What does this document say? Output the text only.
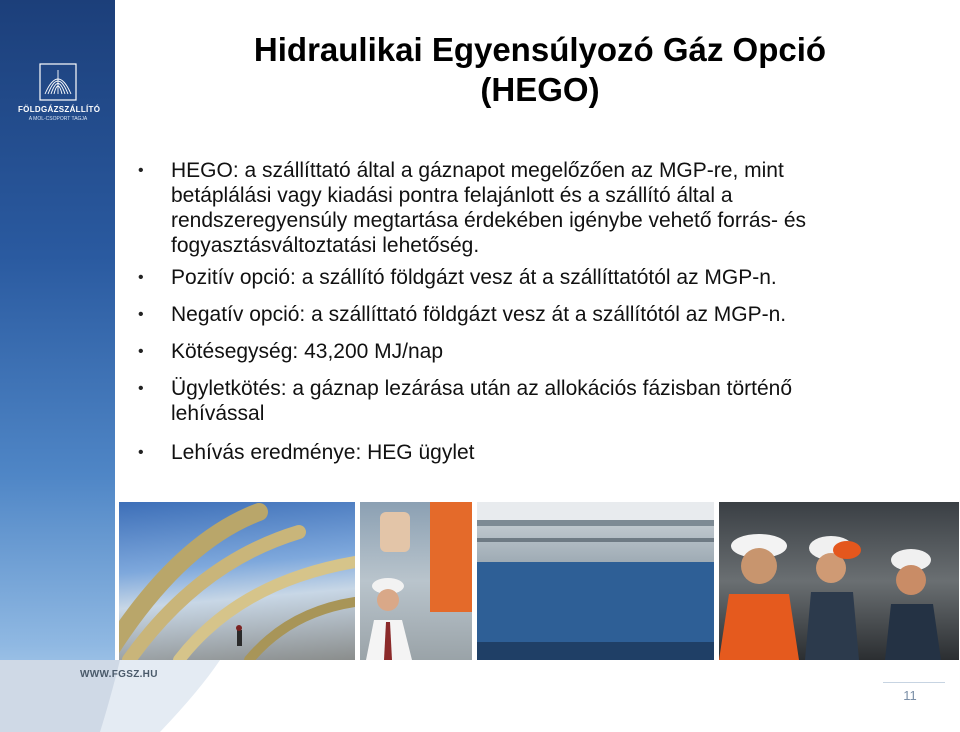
FÖLDGÁZSZÁLLÍTÓ
A MOL-CSOPORT TAGJA
Hidraulikai Egyensúlyozó Gáz Opció
(HEGO)
• HEGO: a szállíttató által a gáznapot megelőzően az MGP-re, mint
betáplálási vagy kiadási pontra felajánlott és a szállító által a
rendszeregyensúly megtartása érdekében igénybe vehető forrás- és
fogyasztásváltoztatási lehetőség.
• Pozitív opció: a szállító földgázt vesz át a szállíttatótól az MGP-n.
• Negatív opció: a szállíttató földgázt vesz át a szállítótól az MGP-n.
• Kötésegység: 43,200 MJ/nap
• Ügyletkötés: a gáznap lezárása után az allokációs fázisban történő
lehívással
• Lehívás eredménye: HEG ügylet
WWW.FGSZ.HU
11
